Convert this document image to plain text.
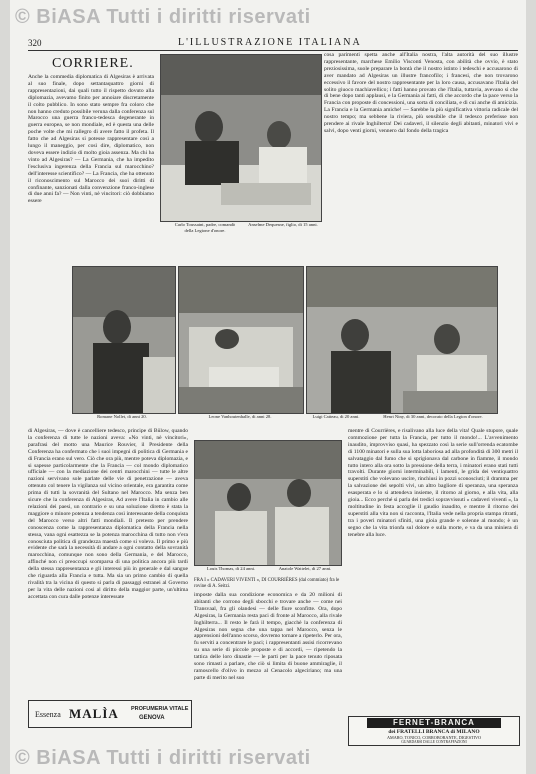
© BiASA Tutti i diritti riservati
© BiASA Tutti i diritti riservati
320	L'ILLUSTRAZIONE ITALIANA
CORRIERE.
Anche la commedia diplomatica di Algesiras è arrivata al suo finale, dopo settantaquattro giorni di rappresentazioni, dai quali tutto il rispetto dovuto alla diplomazia, avevamo finito per annoiare discretamente il colto pubblico. In sono stato sempre fra coloro che non hanno creduto possibile veruna dalla conferenza sul Marocco una guerra franco-tedesca degenerante in guerra europea, se non mondiale, ed è questa una delle poche volte che mi rallegro di avere fatto il profeta. Il fatto che ad Algesiras si potesse rappresentare così a lungo il maneggio, per così dire, diplomatico, non doveva essere indizio di molto gioia assenza. Ma chi ha vinto ad Algesiras? — La Germania, che ha impedito l'esclusiva ingerenza della Francia sul marocchino? dell'interesse scientifico? — La Francia, che ha ottenuto il riconoscimento sul Marocco dei suoi diritti di confinante, sanzionati dalla convenzione franco-inglese di due anni fa? — Non vinti, nè vincitori: ciò dobbiamo essere
Carlo Toussaint, padre, comandò della Legione d'onore.
Anselme Dequesne, figlio, di 15 anni.
cosa parimenti spetta anche all'Italia nostra, l'alta autorità del suo illustre rappresentante, marchese Emilio Visconti Venosta, con abilità che ovvio, è stato preziosissima, suole preparare la bontà che il nostro istinto i tedeschi e accusarono di aver mandato ad Algesiras un illustre francofilo; i francesi, che non trovarono eccessivo il favore del nostro rappresentante per la loro causa, accusavano l'Italia del solito giuoco machiavellico; i fatti hanno provato che l'Italia, tuttavia, avevano sì che di bene dopo tanti applausi, e la Germania ai fatti, di che accordo che la pace verso la Francia con proposte di concessioni, una sorta di conciliata, e di cui anche di amicizia. La Francia e la Germania amiche! — Sarebbe la più significativa vittoria radicale del nostro tempo; ma sebbene la riviera, più sensibile che il tedesco preferisse non prendere ai rivale Inghilterra! Dei cadaveri, il silenzio degli abitanti, minatori vivi e salvi, dopo venti giorni, vennero dal fondo della tragica
Romane Nollet, di anni 20.	Leone Vanhoutenhalle, di anni 28.	Luigi Catteau, di 20 anni.	Henri Niny, di 30 anni, decorato della Legion d'onore.
di Algesiras, — dove è cancelliere tedesco, principe di Bülow, quando la conferenza di tutte le nazioni aveva: «No vinti, nè vincitori», parafrasi del motto una Maurice Rouvier, il Presidente della Conferenza ha confermato che i suoi impegni di politica di Germania e di Francia erano sul vero. Ciò che ora più, mentre poteva diplomazia, e si sapesse particolarmente che la Francia — col mondo diplomatico ufficiale — con la mediazione dei centri marocchini — tutte le altre nazioni servivano sole parlate delle vie di penetrazione — aveva ottenuto col tenere la vigilanza sul vicino orientale, era garantita come prima di tutti la sovranità del Sultano nel Marocco. Ma senza ben sicure che la conferenza di Algesiras, Ad avere l'Italia in cambio alle relazioni dei paesi, un contrario e su una soluzione diretto è stata la maggiore o minore potenza a tendenza così interessante della conquista del Marocco verso altri fatti mondiali. Il pretesto per prendere conoscenza come la rappresentanza diplomatica della Francia nella stessa, vana ogni esattezza se la potenza marocchina di tutto non v'era conosciuta politica di grandezza maestà come si voleva. Il primo e più evidente che sarà la necessità di andare a ogni contatto della sovranità marocchina, comunque non sono della Germania, e del Marocco, affinché non ci preoccupi scomparsa di una politica ancora più tardi della stessa rappresentanza e gli interessi più in generale e dal sangue che riguarda alla Francia e tutta. Ma sia un primo cambio di quella rivalità tra la vicina di questo si parla di passaggi estranei al Governo per la vita delle nazioni cosi al diritto della maggior parte, un'ultima accettata con cura dalle potenze interessate
Louis Thomas, di 24 anni.	Anatole Wattelet, di 27 anni.
FRA I « CADAVERI VIVENTI », DI COURRIÈRES (dal commiato) fra le rovine di A. Seitzi.
imposte dalla sua condizione economica e da 20 milioni di abitanti che corrono degli sbocchi e trovare anche — come nei Transvaal, fra gli olandesi — delle fiure sconfitte. Ora, dopo Algesiras, la Germania resta paci di fronte al Marocco, alla rivale Inghilterra... Il resto le farà il tempo, giacchè la conferenza di Algesiras non segna che una tappa nel Marocco, senza le apprensioni dell'anno scorso, dovremo tornare a ripeterlo. Per ora, fu serviti a concentrare le paci; i rappresentanti assisi ricorrevano su una serie di piccole proposte e di accordi, — ripetendo la tattica delle loro dinastie — le parti per la pace tenuto riposata sono rimasti a parlare, che ciò si limita di buone ammiraglie, il ramoscello d'olivo in mezzo al Cenacolo algeciriano; ma una parte di merito nel suo
mentre di Courrières, e risalivano alla luce della vita! Quale stupore, quale commozione per tutta la Francia, per tutto il mondo!... L'avvenimento inaudito, improvviso quasi, ha spezzato così la serie sull'orrenda ecatombe di 1100 minatori e sulla sua lotta laboriosa ad alla profondità di 300 metri il salvataggio dal fumo che si sprigionava dal carbone in fiamme, il mondo tutto intero alla ora sotto la pressione della terra, i minatori erano stati tutti travolti. Durante giorni interminabili, i lamenti, le grida dei ventiquattro superstiti che volevano uscire, rinchiusi in pozzi sconosciuti; il dramma per la salvazione dei sepolti vivi, un altro bagliore di speranza, una speranza esasperata e lo si attendeva insieme, il ritorno al giorno, e alla vita, alla gioia... Ecco perché si parla dei tredici sopravvissuti « cadaveri viventi », la moltitudine in festa accoglie il gaudio inaudito, e mentre il ritorno dei superstiti alla vita non si racconta, l'Italia vede nella propria stampa ritratti, tra i poveri minatori sfiniti, una gioia grande e solenne al mondo; è un segno che la vita trionfa sul dolore e sulla morte, e va da una miniera di tenebre alla luce.
Essenza MALÌA PROFUMERIA VITALE
GENOVA	FERNET-BRANCA
dei FRATELLI BRANCA di MILANO
AMARO, TONICO, CORROBORANTE, DIGESTIVO
GUARDARSI DALLE CONTRAFFAZIONI
